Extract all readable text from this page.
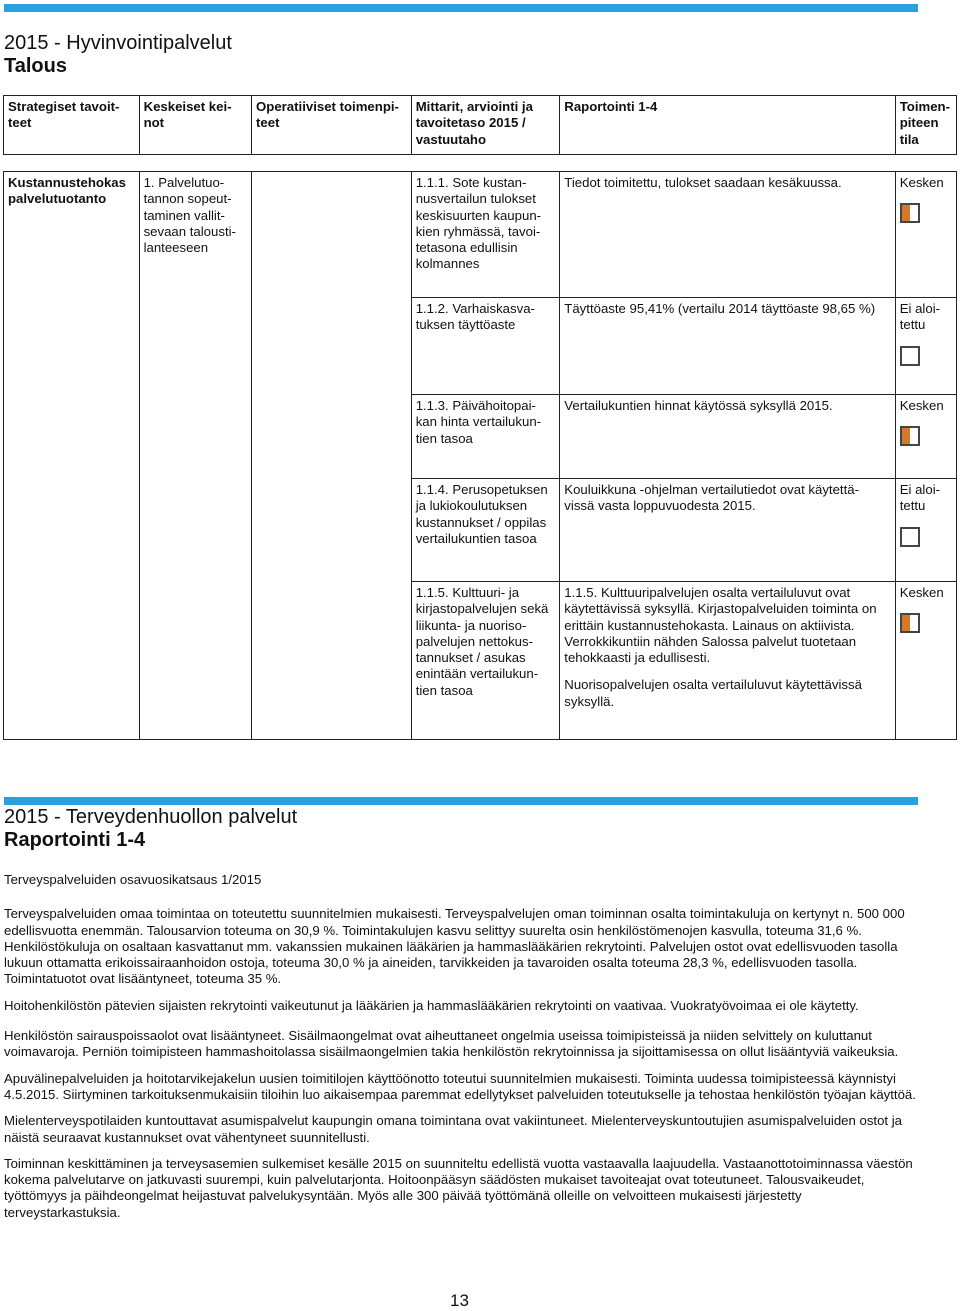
2015 - Hyvinvointipalvelut
Talous
Strategiset tavoit- teet	Keskeiset kei- not	Operatiiviset toimenpi- teet	Mittarit, arviointi ja tavoitetaso 2015 / vastuutaho	Raportointi 1-4	Toimen- piteen tila

Kustannustehokas palvelutuotanto	1. Palvelutuo- tannon sopeut- taminen vallit- sevaan talousti- lanteeseen		1.1.1. Sote kustan- nusvertailun tulokset keskisuurten kaupun- kien ryhmässä, tavoi- tetasona edullisin kolmannes	Tiedot toimitettu, tulokset saadaan kesäkuussa.	Kesken

			1.1.2. Varhaiskasva- tuksen täyttöaste	Täyttöaste 95,41% (vertailu 2014 täyttöaste 98,65 %)	Ei aloi- tettu

			1.1.3. Päivähoitopai- kan hinta vertailukun- tien tasoa	Vertailukuntien hinnat käytössä syksyllä 2015.	Kesken

			1.1.4. Perusopetuksen ja lukiokoulutuksen kustannukset / oppilas vertailukuntien tasoa	Kouluikkuna -ohjelman vertailutiedot ovat käytettä- vissä vasta loppuvuodesta 2015.	Ei aloi- tettu

			1.1.5. Kulttuuri- ja kirjastopalvelujen sekä liikunta- ja nuoriso- palvelujen nettokus- tannukset / asukas enintään vertailukun- tien tasoa	1.1.5. Kulttuuripalvelujen osalta vertailuluvut ovat käytettävissä syksyllä. Kirjastopalveluiden toiminta on erittäin kustannustehokasta. Lainaus on aktiivista. Verrokkikuntiin nähden Salossa palvelut tuotetaan tehokkaasti ja edullisesti.
Nuorisopalvelujen osalta vertailuluvut käytettävissä syksyllä.	Kesken
2015 - Terveydenhuollon palvelut
Raportointi 1-4

Terveyspalveluiden osavuosikatsaus 1/2015

Terveyspalveluiden omaa toimintaa on toteutettu suunnitelmien mukaisesti. Terveyspalvelujen oman toiminnan osalta toimintakuluja on kertynyt n. 500 000 edellisvuotta enemmän. Talousarvion toteuma on 30,9 %. Toimintakulujen kasvu selittyy suurelta osin henkilöstömenojen kasvulla, toteuma 31,6 %. Henkilöstökuluja on osaltaan kasvattanut mm. vakanssien mukainen lääkärien ja hammaslääkärien rekrytointi. Palvelujen ostot ovat edellisvuoden tasolla lukuun ottamatta erikoissairaanhoidon ostoja, toteuma 30,0 % ja aineiden, tarvikkeiden ja tavaroiden osalta toteuma 28,3 %, edellisvuoden tasolla. Toimintatuotot ovat lisääntyneet, toteuma 35 %.

Hoitohenkilöstön pätevien sijaisten rekrytointi vaikeutunut ja lääkärien ja hammaslääkärien rekrytointi on vaativaa. Vuokratyövoimaa ei ole käytetty.

Henkilöstön sairauspoissaolot ovat lisääntyneet. Sisäilmaongelmat ovat aiheuttaneet ongelmia useissa toimipisteissä ja niiden selvittely on kuluttanut voimavaroja. Perniön toimipisteen hammashoitolassa sisäilmaongelmien takia henkilöstön rekrytoinnissa ja sijoittamisessa on ollut lisääntyviä vaikeuksia.

Apuvälinepalveluiden ja hoitotarvikejakelun uusien toimitilojen käyttöönotto toteutui suunnitelmien mukaisesti. Toiminta uudessa toimipisteessä käynnistyi 4.5.2015. Siirtyminen tarkoituksenmukaisiin tiloihin luo aikaisempaa paremmat edellytykset palveluiden toteutukselle ja tehostaa henkilöstön työajan käyttöä.

Mielenterveyspotilaiden kuntouttavat asumispalvelut kaupungin omana toimintana ovat vakiintuneet. Mielenterveyskuntoutujien asumispalveluiden ostot ja näistä seuraavat kustannukset ovat vähentyneet suunnitellusti.

Toiminnan keskittäminen ja terveysasemien sulkemiset kesälle 2015 on suunniteltu edellistä vuotta vastaavalla laajuudella. Vastaanottotoiminnassa väestön kokema palvelutarve on jatkuvasti suurempi, kuin palvelutarjonta. Hoitoonpääsyn säädösten mukaiset tavoiteajat ovat toteutuneet. Talousvaikeudet, työttömyys ja päihdeongelmat heijastuvat palvelukysyntään. Myös alle 300 päivää työttömänä olleille on velvoitteen mukaisesti järjestetty terveystarkastuksia.

13
